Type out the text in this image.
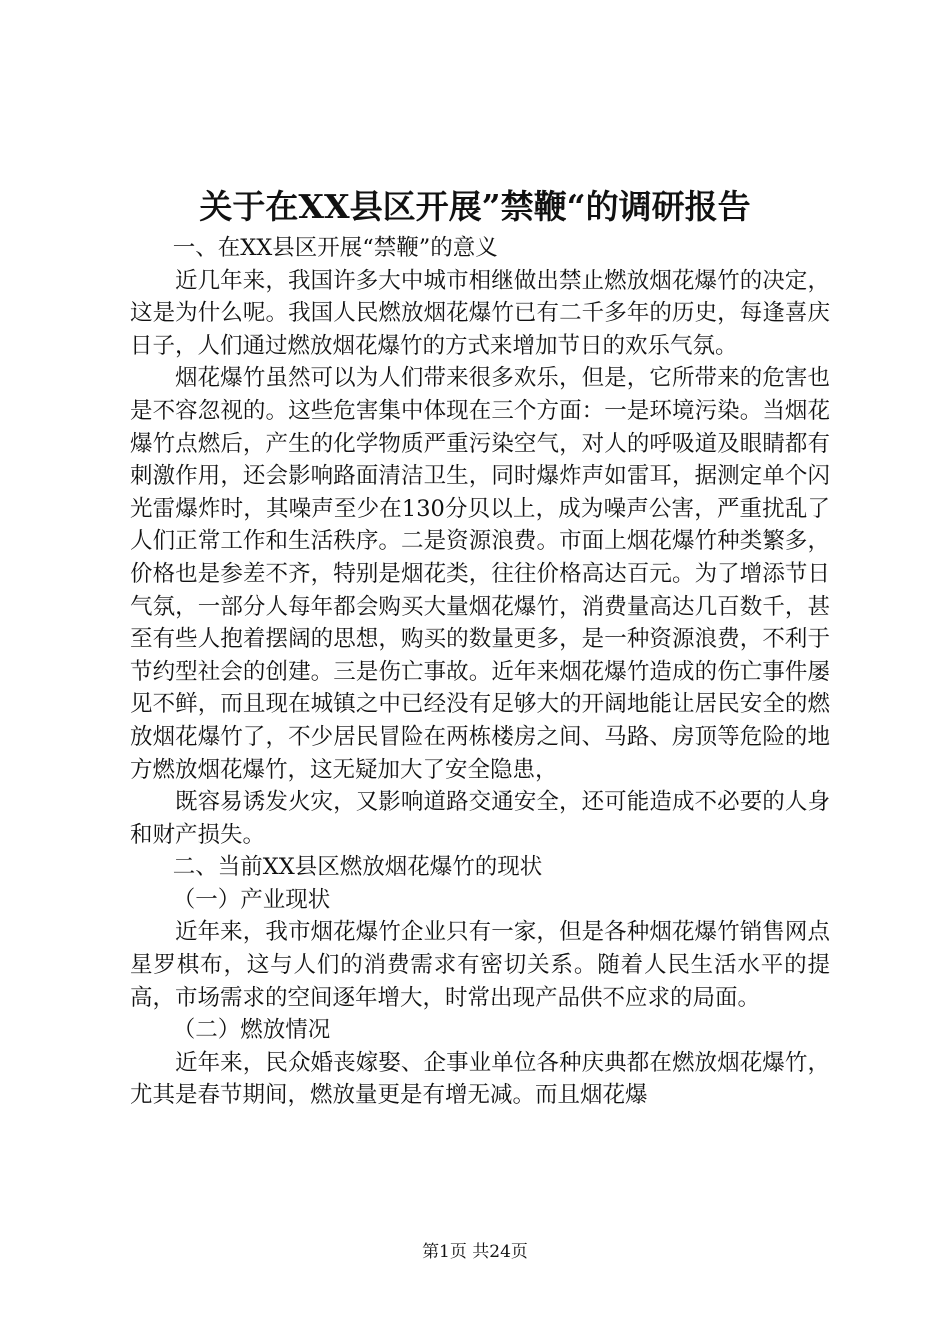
关于在XX县区开展”禁鞭“的调研报告

一、在XX县区开展“禁鞭”的意义

近几年来，我国许多大中城市相继做出禁止燃放烟花爆竹的决定，这是为什么呢。我国人民燃放烟花爆竹已有二千多年的历史，每逢喜庆日子，人们通过燃放烟花爆竹的方式来增加节日的欢乐气氛。

烟花爆竹虽然可以为人们带来很多欢乐，但是，它所带来的危害也是不容忽视的。这些危害集中体现在三个方面：一是环境污染。当烟花爆竹点燃后，产生的化学物质严重污染空气，对人的呼吸道及眼睛都有刺激作用，还会影响路面清洁卫生，同时爆炸声如雷耳，据测定单个闪光雷爆炸时，其噪声至少在130分贝以上，成为噪声公害，严重扰乱了人们正常工作和生活秩序。二是资源浪费。市面上烟花爆竹种类繁多，价格也是参差不齐，特别是烟花类，往往价格高达百元。为了增添节日气氛，一部分人每年都会购买大量烟花爆竹，消费量高达几百数千，甚至有些人抱着摆阔的思想，购买的数量更多，是一种资源浪费，不利于节约型社会的创建。三是伤亡事故。近年来烟花爆竹造成的伤亡事件屡见不鲜，而且现在城镇之中已经没有足够大的开阔地能让居民安全的燃放烟花爆竹了，不少居民冒险在两栋楼房之间、马路、房顶等危险的地方燃放烟花爆竹，这无疑加大了安全隐患，

既容易诱发火灾，又影响道路交通安全，还可能造成不必要的人身和财产损失。

二、当前XX县区燃放烟花爆竹的现状

（一）产业现状

近年来，我市烟花爆竹企业只有一家，但是各种烟花爆竹销售网点星罗棋布，这与人们的消费需求有密切关系。随着人民生活水平的提高，市场需求的空间逐年增大，时常出现产品供不应求的局面。

（二）燃放情况

近年来，民众婚丧嫁娶、企事业单位各种庆典都在燃放烟花爆竹，尤其是春节期间，燃放量更是有增无减。而且烟花爆

第1页 共24页
